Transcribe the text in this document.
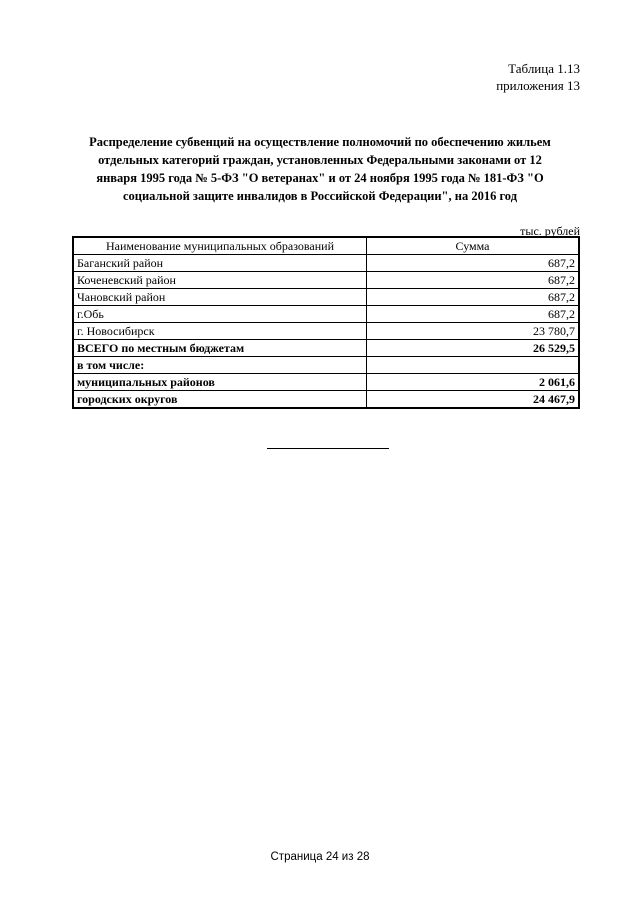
Таблица 1.13
приложения 13
Распределение субвенций на осуществление полномочий по обеспечению жильем
отдельных категорий граждан, установленных Федеральными законами от 12
января 1995 года № 5-ФЗ "О ветеранах" и от 24 ноября 1995 года № 181-ФЗ "О
социальной защите инвалидов в Российской Федерации", на 2016 год
тыс. рублей
Наименование муниципальных образований	Сумма
Баганский район	687,2
Коченевский район	687,2
Чановский район	687,2
г.Обь	687,2
г. Новосибирск	23 780,7
ВСЕГО по местным бюджетам	26 529,5
в том числе:	
муниципальных районов	2 061,6
городских округов	24 467,9
Страница 24 из 28
